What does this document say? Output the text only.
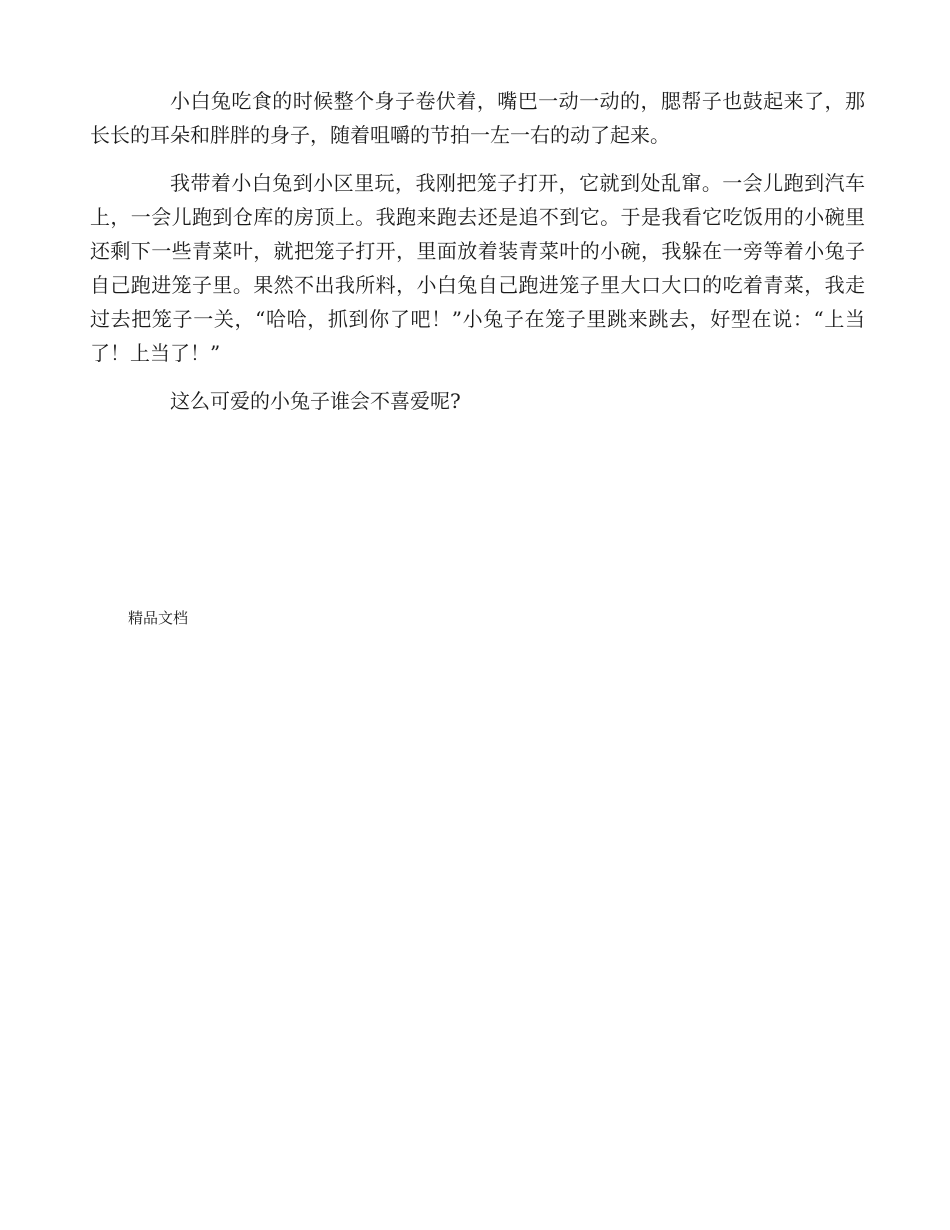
小白兔吃食的时候整个身子卷伏着，嘴巴一动一动的，腮帮子也鼓起来了，那长长的耳朵和胖胖的身子，随着咀嚼的节拍一左一右的动了起来。

我带着小白兔到小区里玩，我刚把笼子打开，它就到处乱窜。一会儿跑到汽车上，一会儿跑到仓库的房顶上。我跑来跑去还是追不到它。于是我看它吃饭用的小碗里还剩下一些青菜叶，就把笼子打开，里面放着装青菜叶的小碗，我躲在一旁等着小兔子自己跑进笼子里。果然不出我所料，小白兔自己跑进笼子里大口大口的吃着青菜，我走过去把笼子一关，“哈哈，抓到你了吧！”小兔子在笼子里跳来跳去，好型在说：“上当了！上当了！”

这么可爱的小兔子谁会不喜爱呢?

精品文档
